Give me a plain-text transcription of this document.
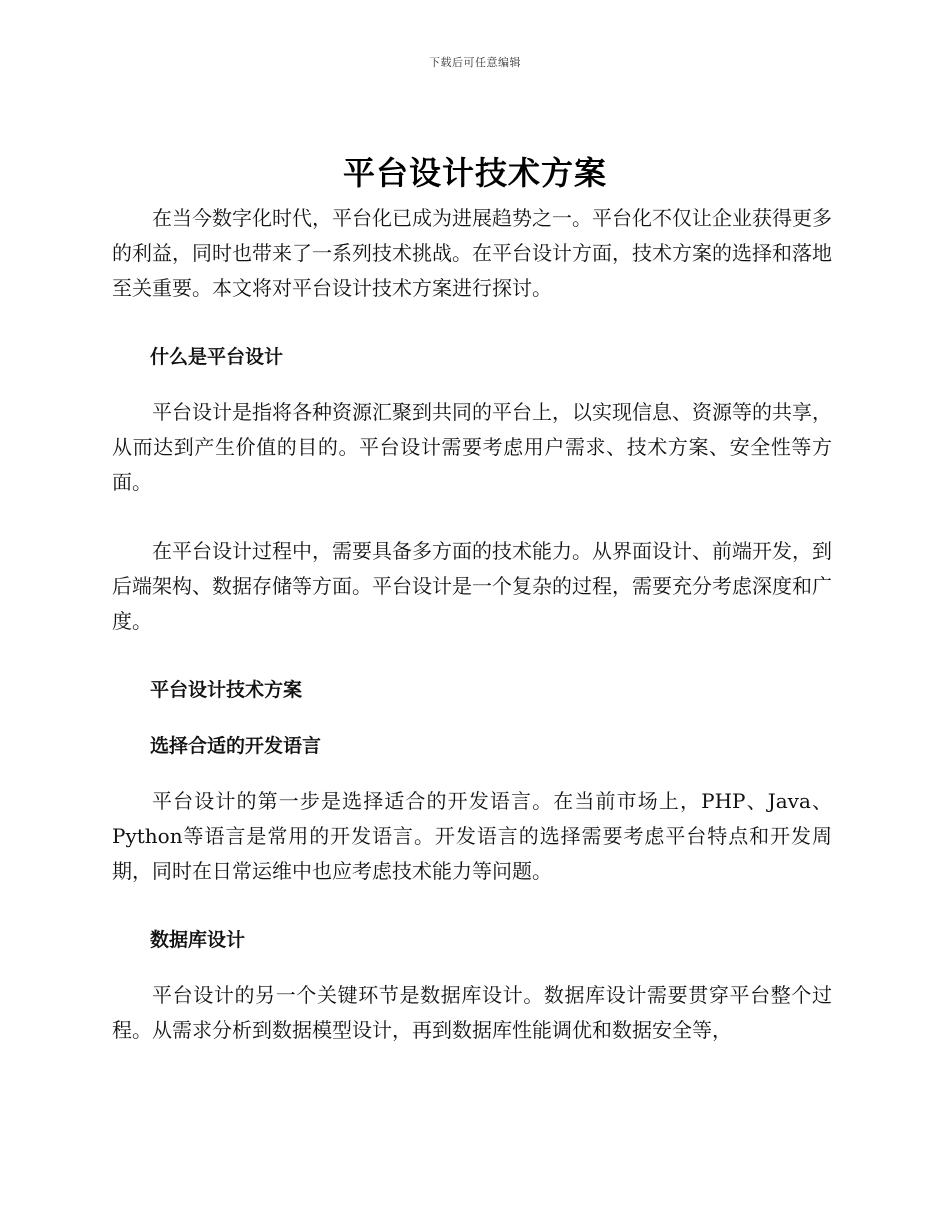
下载后可任意编辑
平台设计技术方案

在当今数字化时代，平台化已成为进展趋势之一。平台化不仅让企业获得更多的利益，同时也带来了一系列技术挑战。在平台设计方面，技术方案的选择和落地至关重要。本文将对平台设计技术方案进行探讨。

什么是平台设计

平台设计是指将各种资源汇聚到共同的平台上，以实现信息、资源等的共享，从而达到产生价值的目的。平台设计需要考虑用户需求、技术方案、安全性等方面。

在平台设计过程中，需要具备多方面的技术能力。从界面设计、前端开发，到后端架构、数据存储等方面。平台设计是一个复杂的过程，需要充分考虑深度和广度。

平台设计技术方案

选择合适的开发语言

平台设计的第一步是选择适合的开发语言。在当前市场上，PHP、Java、Python等语言是常用的开发语言。开发语言的选择需要考虑平台特点和开发周期，同时在日常运维中也应考虑技术能力等问题。

数据库设计

平台设计的另一个关键环节是数据库设计。数据库设计需要贯穿平台整个过程。从需求分析到数据模型设计，再到数据库性能调优和数据安全等，
